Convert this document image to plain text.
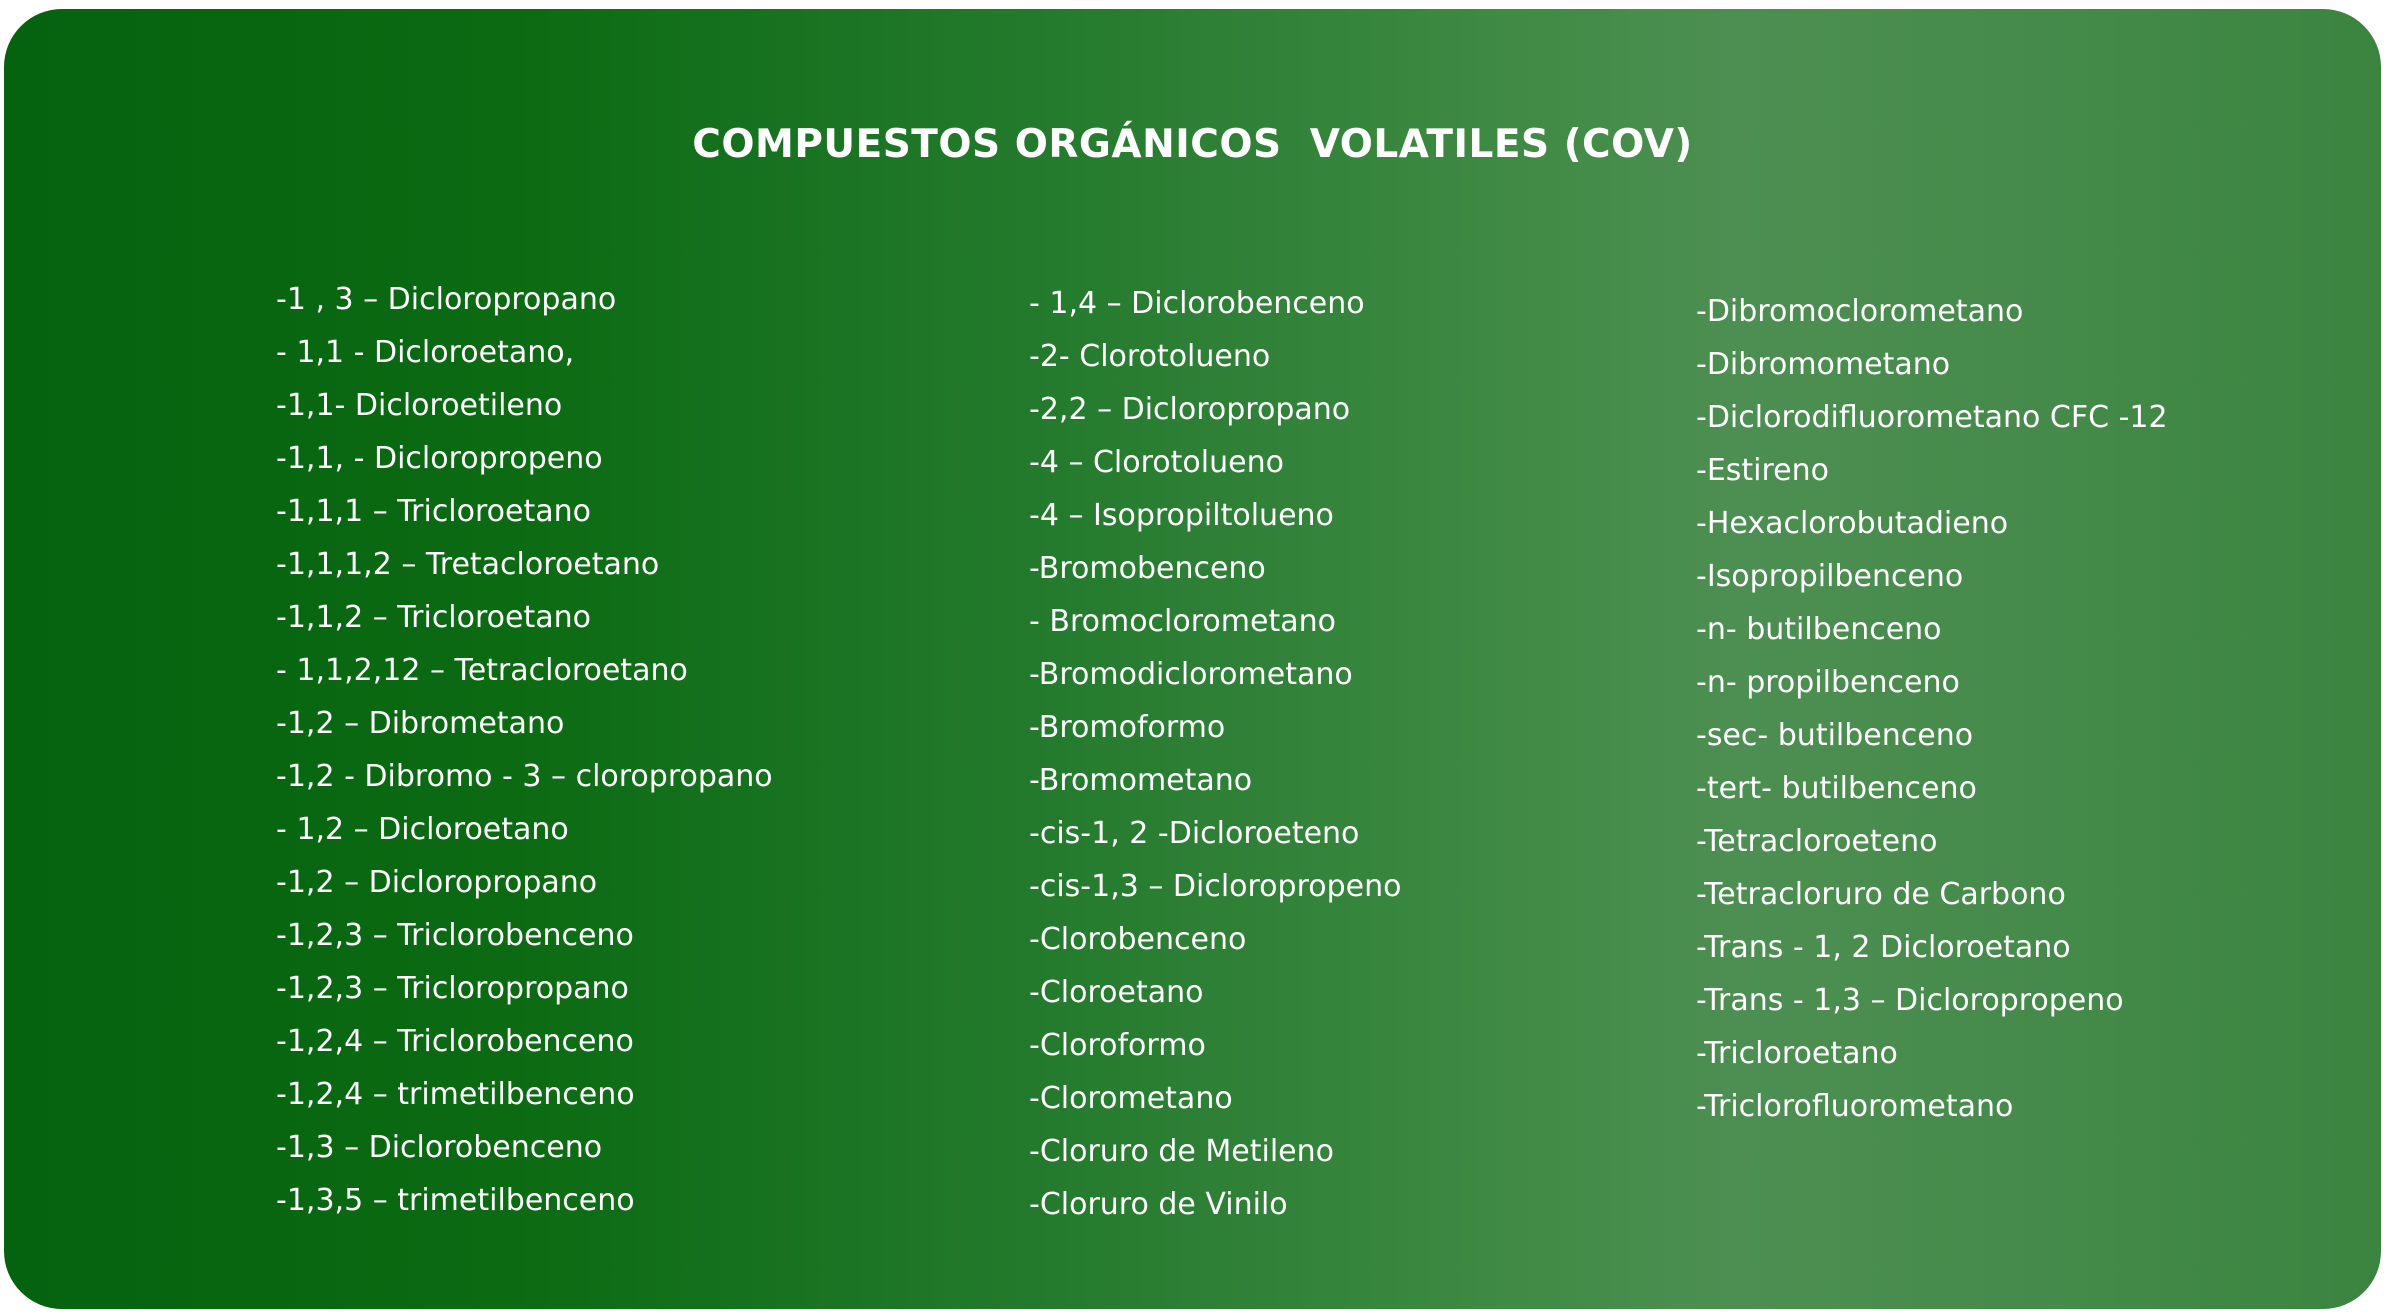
COMPUESTOS ORGÁNICOS  VOLATILES (COV)
-1 , 3 – Dicloropropano
- 1,1 - Dicloroetano,
-1,1- Dicloroetileno
-1,1, - Dicloropropeno
-1,1,1 – Tricloroetano
-1,1,1,2 – Tretacloroetano
-1,1,2 – Tricloroetano
- 1,1,2,12 – Tetracloroetano
-1,2 – Dibrometano
-1,2 - Dibromo - 3 – cloropropano
- 1,2 – Dicloroetano
-1,2 – Dicloropropano
-1,2,3 – Triclorobenceno
-1,2,3 – Tricloropropano
-1,2,4 – Triclorobenceno
-1,2,4 – trimetilbenceno
-1,3 – Diclorobenceno
-1,3,5 – trimetilbenceno
- 1,4 – Diclorobenceno
-2- Clorotolueno
-2,2 – Dicloropropano
-4 – Clorotolueno
-4 – Isopropiltolueno
-Bromobenceno
- Bromoclorometano
-Bromodiclorometano
-Bromoformo
-Bromometano
-cis-1, 2 -Dicloroeteno
-cis-1,3 – Dicloropropeno
-Clorobenceno
-Cloroetano
-Cloroformo
-Clorometano
-Cloruro de Metileno
-Cloruro de Vinilo
-Dibromoclorometano
-Dibromometano
-Diclorodifluorometano CFC -12
-Estireno
-Hexaclorobutadieno
-Isopropilbenceno
-n- butilbenceno
-n- propilbenceno
-sec- butilbenceno
-tert- butilbenceno
-Tetracloroeteno
-Tetracloruro de Carbono
-Trans - 1, 2 Dicloroetano
-Trans - 1,3 – Dicloropropeno
-Tricloroetano
-Triclorofluorometano
